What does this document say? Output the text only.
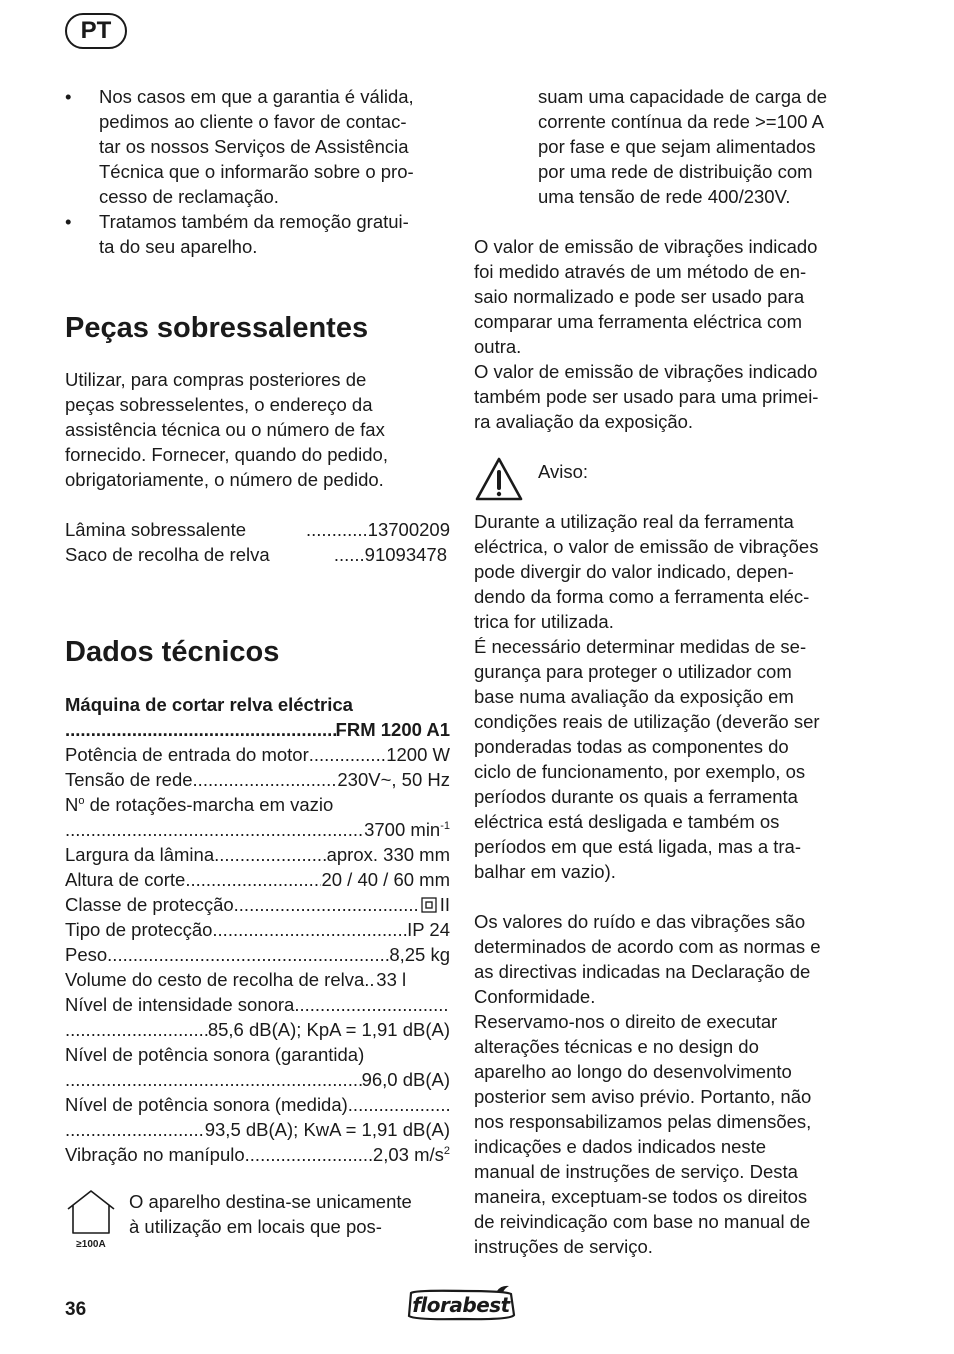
PT
• Nos casos em que a garantia é válida,
pedimos ao cliente o favor de contac-
tar os nossos Serviços de Assistência
Técnica que o informarão sobre o pro-
cesso de reclamação.
• Tratamos também da remoção gratui-
ta do seu aparelho.
Peças sobressalentes
Utilizar, para compras posteriores de
peças sobresselentes, o endereço da
assistência técnica ou o número de fax
fornecido. Fornecer, quando do pedido,
obrigatoriamente, o número de pedido.
Lâmina sobressalente	............13700209
Saco de recolha de relva	......91093478
Dados técnicos
Máquina de cortar relva eléctrica
.....
FRM 1200 A1
Potência de entrada do motor .....	1200 W
Tensão de rede .....	230V~, 50 Hz
$N^o$ de rotações-marcha em vazio
.....
3700 $\min^{-1}$
Largura da lâmina .....	aprox. 330 mm
Altura de corte .....	20 / 40 / 60 mm
Classe de protecção .....	II
Tipo de protecção .....	IP 24
Peso .....	8,25 kg
Volume do cesto de recolha de relva ..... 33 l
Nível de intensidade sonora
.....
.....
85,6 dB(A); KpA = 1,91 dB(A)
Nível de potência sonora (garantida)
.....
96,0 dB(A)
Nível de potência sonora (medida)
.....
.....
93,5 dB(A); KwA = 1,91 dB(A)
Vibração no manípulo .....	2,03 $m/s^2$
≥100A
O aparelho destina-se unicamente
à utilização em locais que pos-
suam uma capacidade de carga de
corrente contínua da rede >=100 A
por fase e que sejam alimentados
por uma rede de distribuição com
uma tensão de rede 400/230V.
O valor de emissão de vibrações indicado
foi medido através de um método de en-
saio normalizado e pode ser usado para
comparar uma ferramenta eléctrica com
outra.
O valor de emissão de vibrações indicado
também pode ser usado para uma primei-
ra avaliação da exposição.
Aviso:
Durante a utilização real da ferramenta
eléctrica, o valor de emissão de vibrações
pode divergir do valor indicado, depen-
dendo da forma como a ferramenta eléc-
trica for utilizada.
É necessário determinar medidas de se-
gurança para proteger o utilizador com
base numa avaliação da exposição em
condições reais de utilização (deverão ser
ponderadas todas as componentes do
ciclo de funcionamento, por exemplo, os
períodos durante os quais a ferramenta
eléctrica está desligada e também os
períodos em que está ligada, mas a tra-
balhar em vazio).
Os valores do ruído e das vibrações são
determinados de acordo com as normas e
as directivas indicadas na Declaração de
Conformidade.
Reservamo-nos o direito de executar
alterações técnicas e no design do
aparelho ao longo do desenvolvimento
posterior sem aviso prévio. Portanto, não
nos responsabilizamos pelas dimensões,
indicações e dados indicados neste
manual de instruções de serviço. Desta
maneira, exceptuam-se todos os direitos
de reivindicação com base no manual de
instruções de serviço.
36	florabest
